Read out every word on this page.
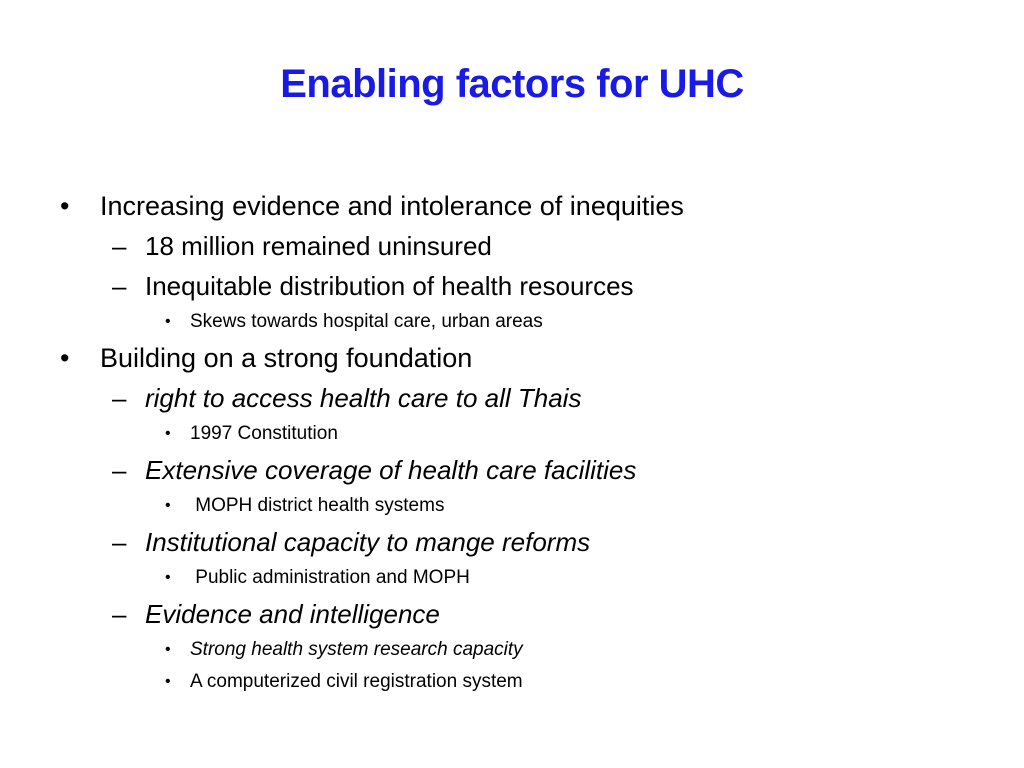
Enabling factors for UHC
• Increasing evidence and intolerance of inequities
– 18 million remained uninsured
– Inequitable distribution of health resources
• Skews towards hospital care, urban areas
• Building on a strong foundation
– right to access health care to all Thais
• 1997 Constitution
– Extensive coverage of health care facilities
• MOPH district health systems
– Institutional capacity to mange reforms
• Public administration and MOPH
– Evidence and intelligence
• Strong health system research capacity
• A computerized civil registration system
